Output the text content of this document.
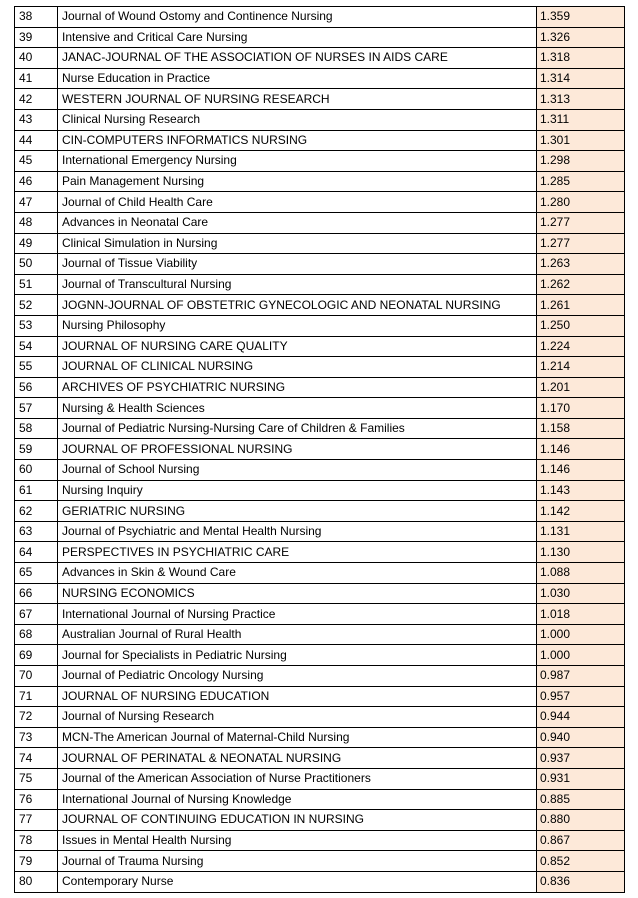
38	Journal of Wound Ostomy and Continence Nursing	1.359
39	Intensive and Critical Care Nursing	1.326
40	JANAC-JOURNAL OF THE ASSOCIATION OF NURSES IN AIDS CARE	1.318
41	Nurse Education in Practice	1.314
42	WESTERN JOURNAL OF NURSING RESEARCH	1.313
43	Clinical Nursing Research	1.311
44	CIN-COMPUTERS INFORMATICS NURSING	1.301
45	International Emergency Nursing	1.298
46	Pain Management Nursing	1.285
47	Journal of Child Health Care	1.280
48	Advances in Neonatal Care	1.277
49	Clinical Simulation in Nursing	1.277
50	Journal of Tissue Viability	1.263
51	Journal of Transcultural Nursing	1.262
52	JOGNN-JOURNAL OF OBSTETRIC GYNECOLOGIC AND NEONATAL NURSING	1.261
53	Nursing Philosophy	1.250
54	JOURNAL OF NURSING CARE QUALITY	1.224
55	JOURNAL OF CLINICAL NURSING	1.214
56	ARCHIVES OF PSYCHIATRIC NURSING	1.201
57	Nursing & Health Sciences	1.170
58	Journal of Pediatric Nursing-Nursing Care of Children & Families	1.158
59	JOURNAL OF PROFESSIONAL NURSING	1.146
60	Journal of School Nursing	1.146
61	Nursing Inquiry	1.143
62	GERIATRIC NURSING	1.142
63	Journal of Psychiatric and Mental Health Nursing	1.131
64	PERSPECTIVES IN PSYCHIATRIC CARE	1.130
65	Advances in Skin & Wound Care	1.088
66	NURSING ECONOMICS	1.030
67	International Journal of Nursing Practice	1.018
68	Australian Journal of Rural Health	1.000
69	Journal for Specialists in Pediatric Nursing	1.000
70	Journal of Pediatric Oncology Nursing	0.987
71	JOURNAL OF NURSING EDUCATION	0.957
72	Journal of Nursing Research	0.944
73	MCN-The American Journal of Maternal-Child Nursing	0.940
74	JOURNAL OF PERINATAL & NEONATAL NURSING	0.937
75	Journal of the American Association of Nurse Practitioners	0.931
76	International Journal of Nursing Knowledge	0.885
77	JOURNAL OF CONTINUING EDUCATION IN NURSING	0.880
78	Issues in Mental Health Nursing	0.867
79	Journal of Trauma Nursing	0.852
80	Contemporary Nurse	0.836
